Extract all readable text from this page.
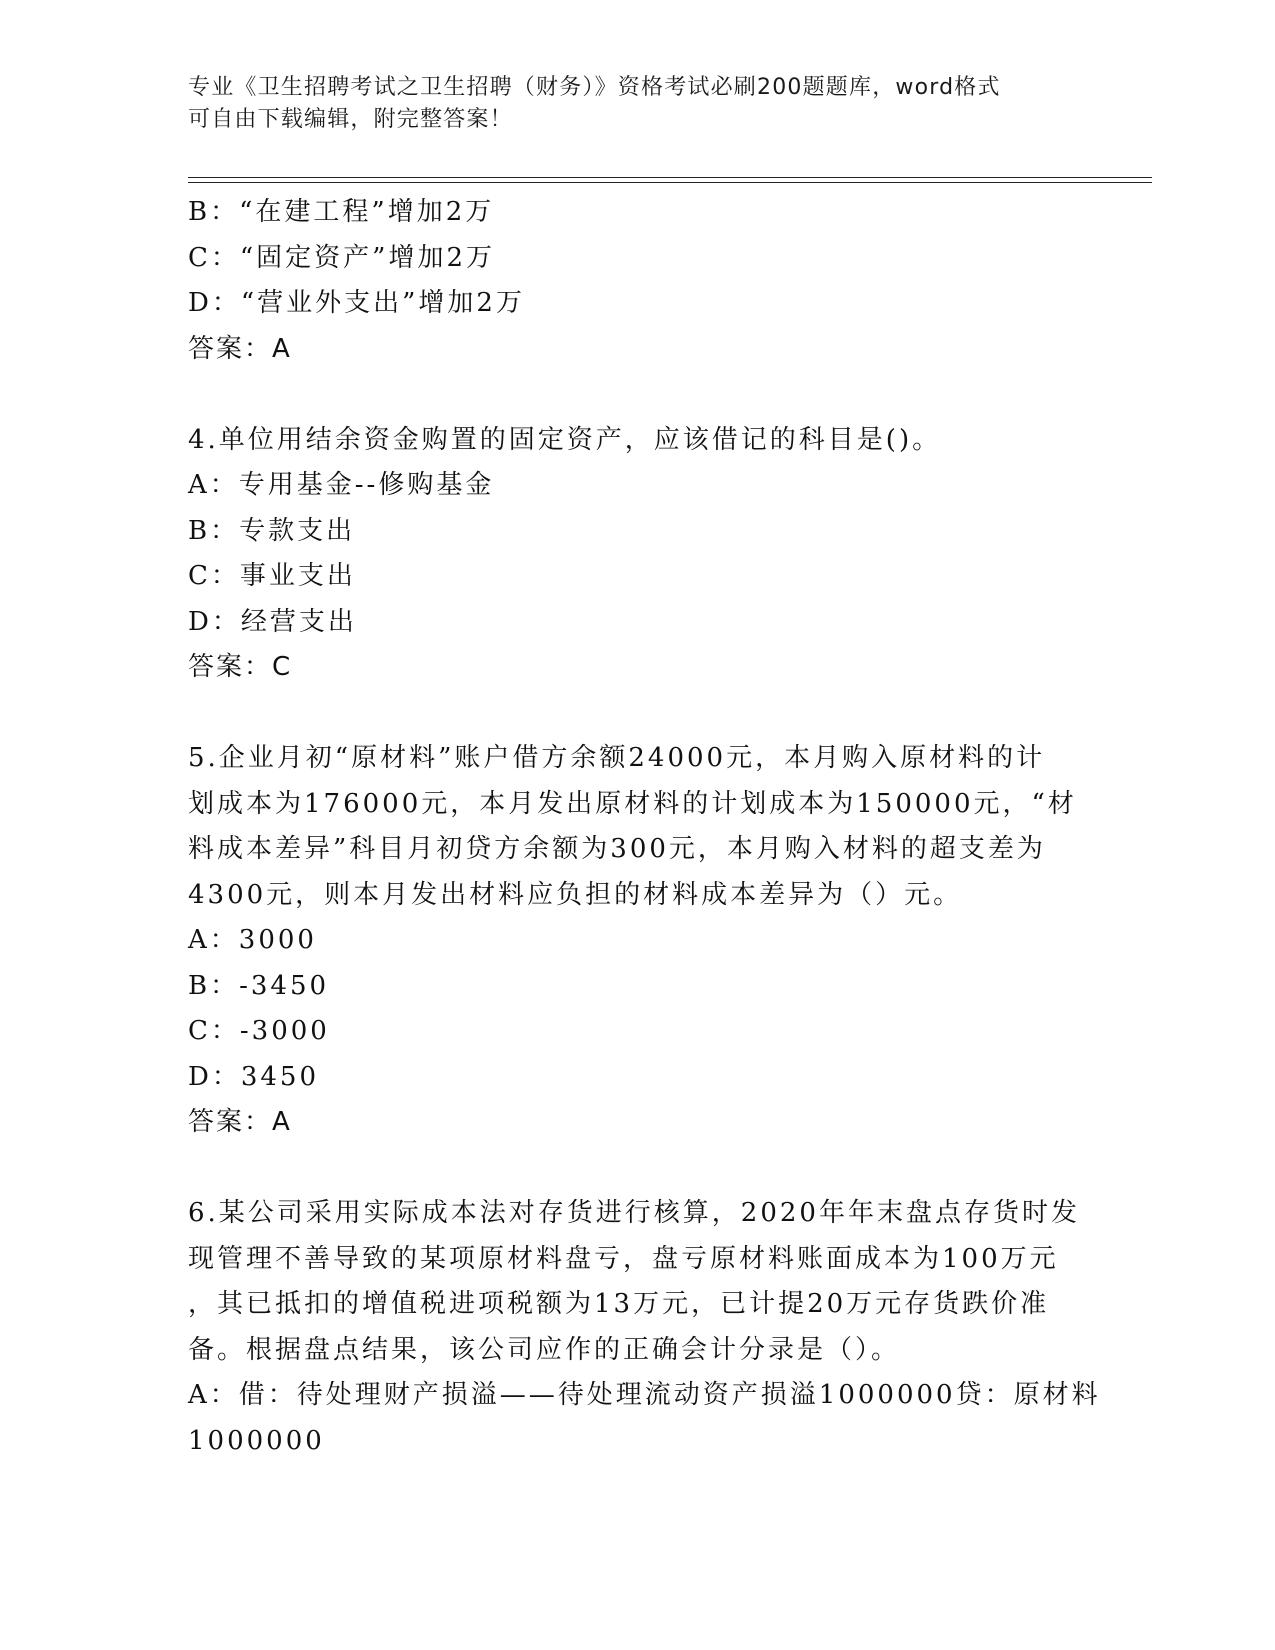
专业《卫生招聘考试之卫生招聘（财务）》资格考试必刷200题题库，word格式
可自由下载编辑，附完整答案！
B：“在建工程”增加2万
C：“固定资产”增加2万
D：“营业外支出”增加2万
答案：A
4.单位用结余资金购置的固定资产，应该借记的科目是()。
A：专用基金--修购基金
B：专款支出
C：事业支出
D：经营支出
答案：C
5.企业月初“原材料”账户借方余额24000元，本月购入原材料的计
划成本为176000元，本月发出原材料的计划成本为150000元，“材
料成本差异”科目月初贷方余额为300元，本月购入材料的超支差为
4300元，则本月发出材料应负担的材料成本差异为（）元。
A：3000
B：-3450
C：-3000
D：3450
答案：A
6.某公司采用实际成本法对存货进行核算，2020年年末盘点存货时发
现管理不善导致的某项原材料盘亏，盘亏原材料账面成本为100万元
，其已抵扣的增值税进项税额为13万元，已计提20万元存货跌价准
备。根据盘点结果，该公司应作的正确会计分录是（）。
A：借：待处理财产损溢——待处理流动资产损溢1000000贷：原材料
1000000
